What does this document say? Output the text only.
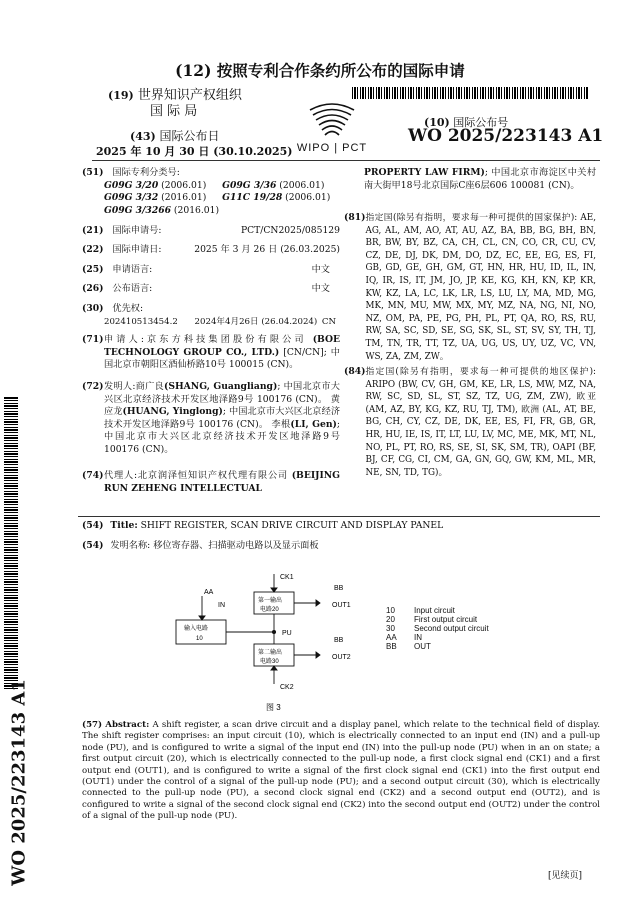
(12) 按照专利合作条约所公布的国际申请
(19) 世界知识产权组织
国 际 局
(43) 国际公布日
2025 年 10 月 30 日 (30.10.2025) WIPO | PCT
(10) 国际公布号
WO 2025/223143 A1
(51) 国际专利分类号:
G09G 3/20 (2006.01) G09G 3/36 (2006.01)
G09G 3/32 (2016.01) G11C 19/28 (2006.01)
G09G 3/3266 (2016.01)
(21) 国际申请号:	PCT/CN2025/085129
(22) 国际申请日:	2025 年 3 月 26 日 (26.03.2025)
(25) 申请语言:	中文
(26) 公布语言:	中文
(30) 优先权:
202410513454.2 2024年4月26日 (26.04.2024) CN
(71) 申请人:京东方科技集团股份有限公司 (BOE TECHNOLOGY GROUP CO., LTD.) [CN/CN]; 中国北京市朝阳区酒仙桥路10号 100015 (CN)。
(72) 发明人:商广良(SHANG, Guangliang); 中国北京市大兴区北京经济技术开发区地泽路9号 100176 (CN)。 黄应龙(HUANG, Yinglong); 中国北京市大兴区北京经济技术开发区地泽路9号 100176 (CN)。 李根(LI, Gen); 中国北京市大兴区北京经济技术开发区地泽路9号 100176 (CN)。
(74) 代理人:北京润泽恒知识产权代理有限公司 (BEIJING RUN ZEHENG INTELLECTUAL
PROPERTY LAW FIRM); 中国北京市海淀区中关村南大街甲18号北京国际C座6层606 100081 (CN)。
(81) 指定国(除另有指明，要求每一种可提供的国家保护): AE, AG, AL, AM, AO, AT, AU, AZ, BA, BB, BG, BH, BN, BR, BW, BY, BZ, CA, CH, CL, CN, CO, CR, CU, CV, CZ, DE, DJ, DK, DM, DO, DZ, EC, EE, EG, ES, FI, GB, GD, GE, GH, GM, GT, HN, HR, HU, ID, IL, IN, IQ, IR, IS, IT, JM, JO, JP, KE, KG, KH, KN, KP, KR, KW, KZ, LA, LC, LK, LR, LS, LU, LY, MA, MD, MG, MK, MN, MU, MW, MX, MY, MZ, NA, NG, NI, NO, NZ, OM, PA, PE, PG, PH, PL, PT, QA, RO, RS, RU, RW, SA, SC, SD, SE, SG, SK, SL, ST, SV, SY, TH, TJ, TM, TN, TR, TT, TZ, UA, UG, US, UY, UZ, VC, VN, WS, ZA, ZM, ZW。
(84) 指定国(除另有指明，要求每一种可提供的地区保护): ARIPO (BW, CV, GH, GM, KE, LR, LS, MW, MZ, NA, RW, SC, SD, SL, ST, SZ, TZ, UG, ZM, ZW), 欧亚 (AM, AZ, BY, KG, KZ, RU, TJ, TM), 欧洲 (AL, AT, BE, BG, CH, CY, CZ, DE, DK, EE, ES, FI, FR, GB, GR, HR, HU, IE, IS, IT, LT, LU, LV, MC, ME, MK, MT, NL, NO, PL, PT, RO, RS, SE, SI, SK, SM, TR), OAPI (BF, BJ, CF, CG, CI, CM, GA, GN, GQ, GW, KM, ML, MR, NE, SN, TD, TG)。
WO 2025/223143 A1
(54) Title: SHIFT REGISTER, SCAN DRIVE CIRCUIT AND DISPLAY PANEL
(54) 发明名称: 移位寄存器、扫描驱动电路以及显示面板
CK1
AA
IN
BB
OUT1
PU
BB
OUT2
CK2
第一输出
电路20
输入电路
10
第二输出
电路30
图 3
10 Input circuit
20 First output circuit
30 Second output circuit
AA IN
BB OUT
(57) Abstract: A shift register, a scan drive circuit and a display panel, which relate to the technical field of display. The shift register comprises: an input circuit (10), which is electrically connected to an input end (IN) and a pull-up node (PU), and is configured to write a signal of the input end (IN) into the pull-up node (PU) when in an on state; a first output circuit (20), which is electrically connected to the pull-up node, a first clock signal end (CK1) and a first output end (OUT1), and is configured to write a signal of the first clock signal end (CK1) into the first output end (OUT1) under the control of a signal of the pull-up node (PU); and a second output circuit (30), which is electrically connected to the pull-up node (PU), a second clock signal end (CK2) and a second output end (OUT2), and is configured to write a signal of the second clock signal end (CK2) into the second output end (OUT2) under the control of a signal of the pull-up node (PU).
[见续页]
